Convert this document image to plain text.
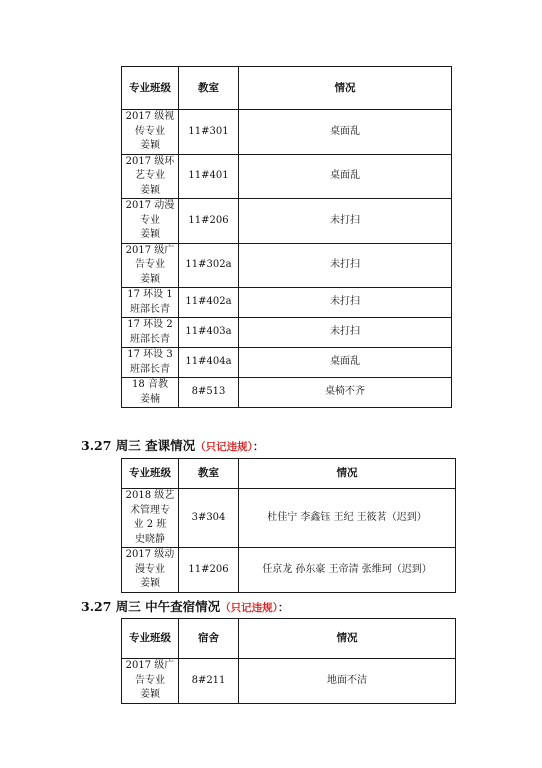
专业班级	教室	情况
2017 级视
传专业
姜颖	11#301	桌面乱
2017 级环
艺专业
姜颖	11#401	桌面乱
2017 动漫
专业
姜颖	11#206	未打扫
2017 级广
告专业
姜颖	11#302a	未打扫
17 环设 1
班部长青	11#402a	未打扫
17 环设 2
班部长青	11#403a	未打扫
17 环设 3
班部长青	11#404a	桌面乱
18 音教
姜楠	8#513	桌椅不齐
3.27 周三 查课情况（只记违规）：
专业班级	教室	情况
2018 级艺
术管理专
业 2 班
史晓静	3#304	杜佳宁 李鑫钰 王纪 王筱茗（迟到）
2017 级动
漫专业
姜颖	11#206	任京龙 孙东豪 王帝清 张维珂（迟到）
3.27 周三 中午查宿情况（只记违规）：
专业班级	宿舍	情况
2017 级广
告专业
姜颖	8#211	地面不洁
